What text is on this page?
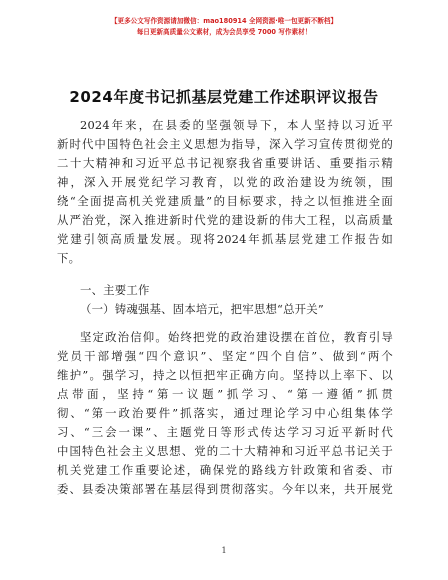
【更多公文写作资源请加微信：mao180914 全网资源·唯一包更新不断档】
每日更新高质量公文素材，成为会员享受 7000 写作素材！
2024年度书记抓基层党建工作述职评议报告
2024年来，在县委的坚强领导下，本人坚持以习近平
新时代中国特色社会主义思想为指导，深入学习宣传贯彻党的
二十大精神和习近平总书记视察我省重要讲话、重要指示精
神，深入开展党纪学习教育，以党的政治建设为统领，围
绕“全面提高机关党建质量”的目标要求，持之以恒推进全面
从严治党，深入推进新时代党的建设新的伟大工程，以高质量
党建引领高质量发展。现将2024年抓基层党建工作报告如
下。
一、主要工作
（一）铸魂强基、固本培元，把牢思想“总开关”
坚定政治信仰。始终把党的政治建设摆在首位，教育引导
党员干部增强“四个意识”、坚定“四个自信”、做到“两个
维护”。强学习，持之以恒把牢正确方向。坚持以上率下、以
点带面，坚持“第一议题”抓学习、“第一遵循”抓贯
彻、“第一政治要件”抓落实，通过理论学习中心组集体学
习、“三会一课”、主题党日等形式传达学习习近平新时代
中国特色社会主义思想、党的二十大精神和习近平总书记关于
机关党建工作重要论述，确保党的路线方针政策和省委、市
委、县委决策部署在基层得到贯彻落实。今年以来，共开展党
1
